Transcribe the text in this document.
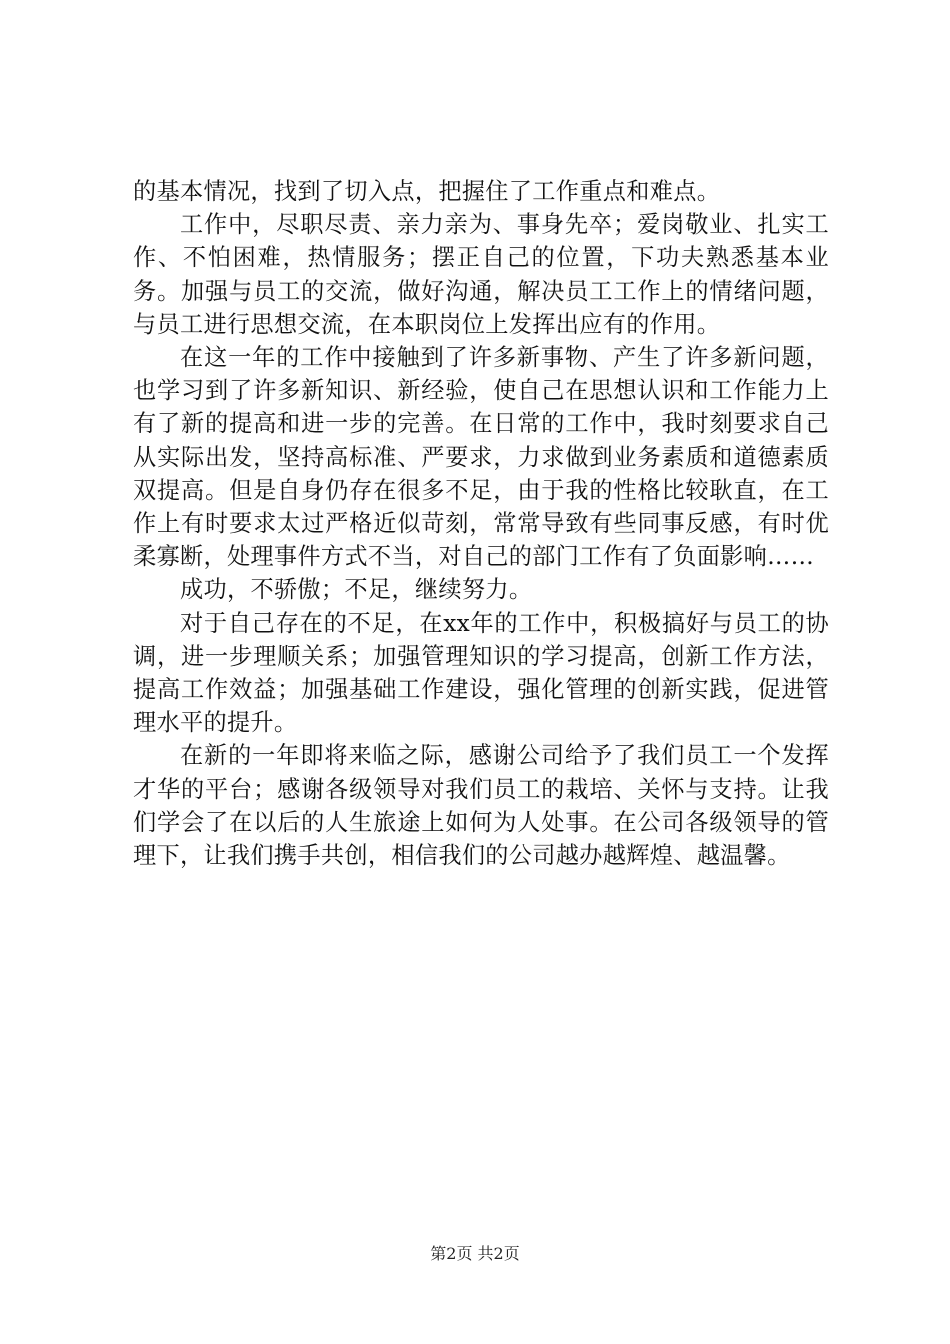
的基本情况，找到了切入点，把握住了工作重点和难点。

工作中，尽职尽责、亲力亲为、事身先卒；爱岗敬业、扎实工作、不怕困难，热情服务；摆正自己的位置，下功夫熟悉基本业务。加强与员工的交流，做好沟通，解决员工工作上的情绪问题，与员工进行思想交流，在本职岗位上发挥出应有的作用。

在这一年的工作中接触到了许多新事物、产生了许多新问题，也学习到了许多新知识、新经验，使自己在思想认识和工作能力上有了新的提高和进一步的完善。在日常的工作中，我时刻要求自己从实际出发，坚持高标准、严要求，力求做到业务素质和道德素质双提高。但是自身仍存在很多不足，由于我的性格比较耿直，在工作上有时要求太过严格近似苛刻，常常导致有些同事反感，有时优柔寡断，处理事件方式不当，对自己的部门工作有了负面影响……

成功，不骄傲；不足，继续努力。

对于自己存在的不足，在xx年的工作中，积极搞好与员工的协调，进一步理顺关系；加强管理知识的学习提高，创新工作方法，提高工作效益；加强基础工作建设，强化管理的创新实践，促进管理水平的提升。

在新的一年即将来临之际，感谢公司给予了我们员工一个发挥才华的平台；感谢各级领导对我们员工的栽培、关怀与支持。让我们学会了在以后的人生旅途上如何为人处事。在公司各级领导的管理下，让我们携手共创，相信我们的公司越办越辉煌、越温馨。

第2页 共2页
